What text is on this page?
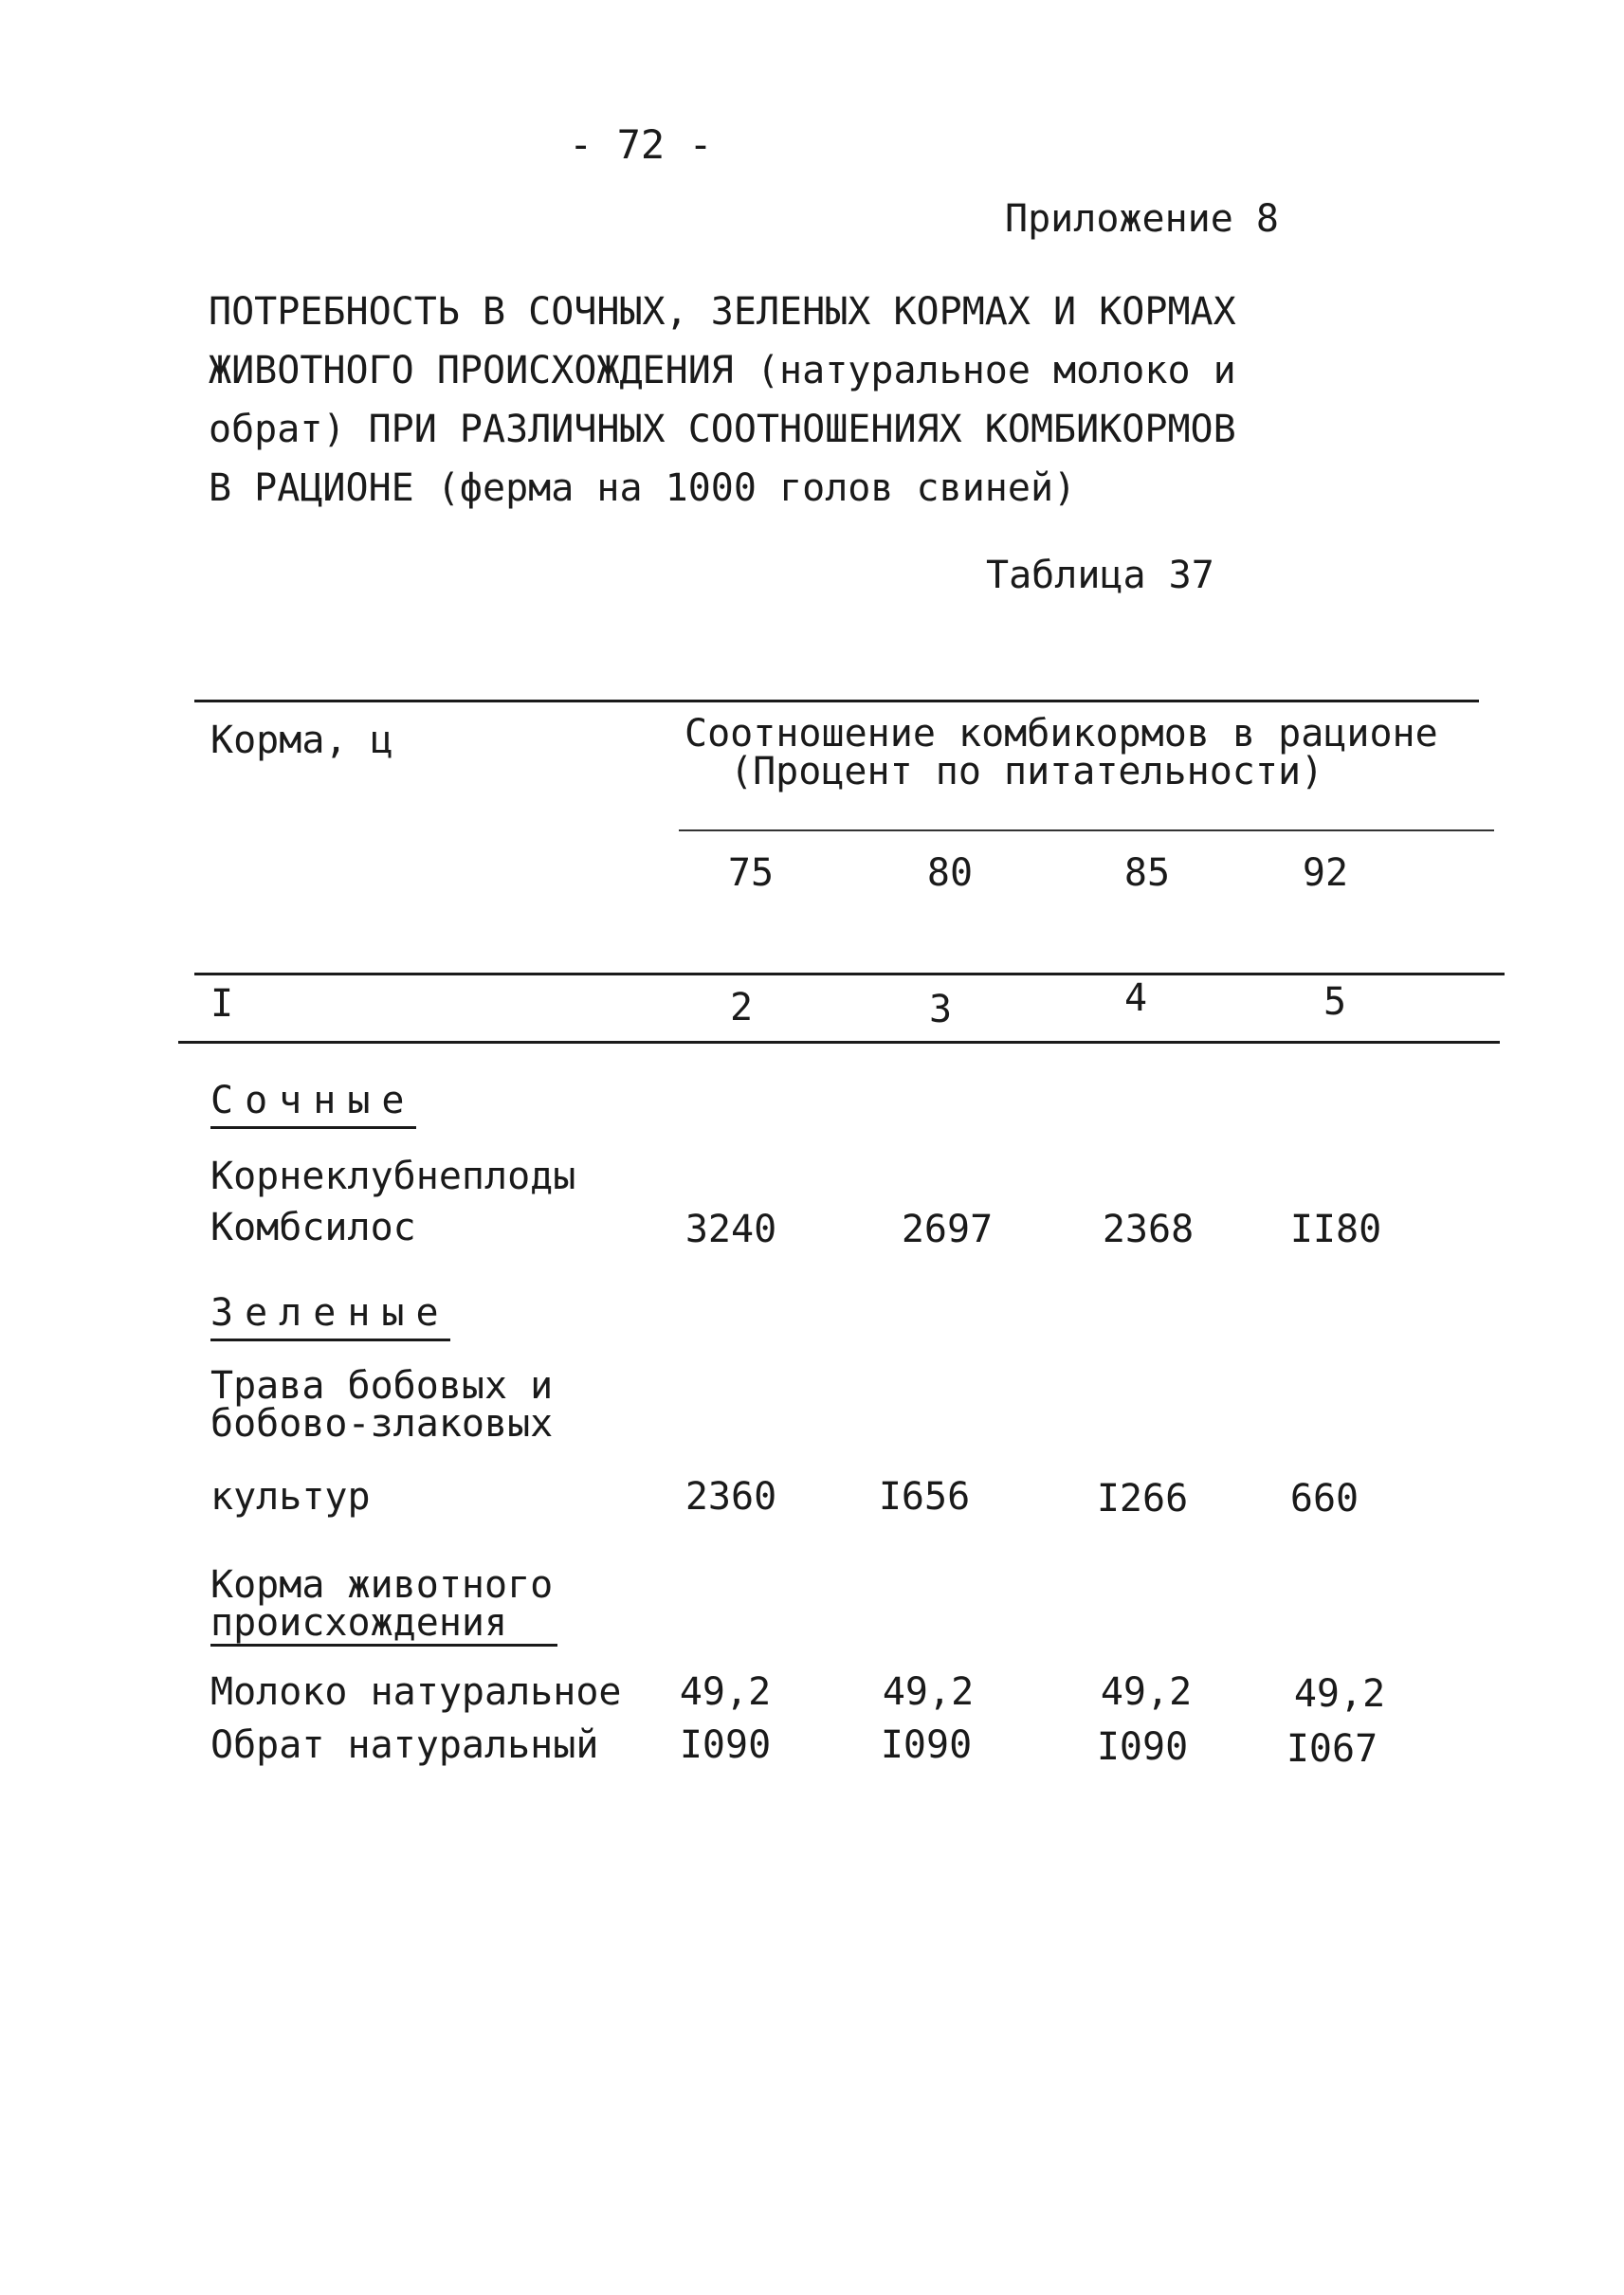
- 72 -
Приложение 8
ПОТРЕБНОСТЬ В СОЧНЫХ, ЗЕЛЕНЫХ КОРМАХ И КОРМАХ
ЖИВОТНОГО ПРОИСХОЖДЕНИЯ (натуральное молоко и
обрат) ПРИ РАЗЛИЧНЫХ СООТНОШЕНИЯХ КОМБИКОРМОВ
В РАЦИОНЕ (ферма на 1000 голов свиней)
Таблица 37
Корма, ц	Соотношение комбикормов в рационе
(Процент по питательности)
75	80	85	92
I	2	3	4	5
Сочные
Корнеклубнеплоды
Комбсилос	3240	2697	2368	II80
Зеленые
Трава бобовых и
бобово-злаковых
культур	2360	I656	I266	660
Корма животного
происхождения
Молоко натуральное	49,2	49,2	49,2	49,2
Обрат натуральный	I090	I090	I090	I067
